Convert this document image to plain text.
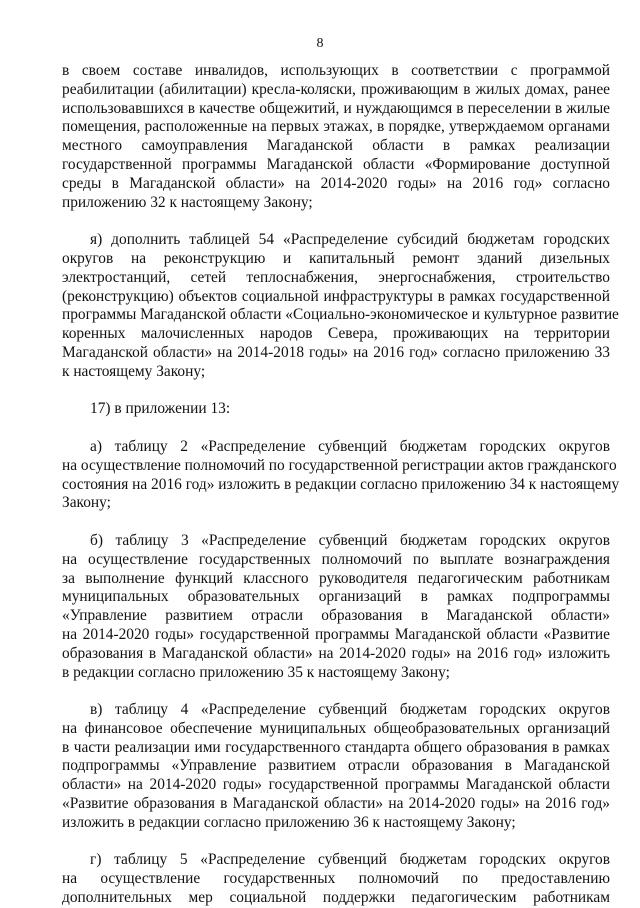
8
в своем составе инвалидов, использующих в соответствии с программой
реабилитации (абилитации) кресла-коляски, проживающим в жилых домах, ранее
использовавшихся в качестве общежитий, и нуждающимся в переселении в жилые
помещения, расположенные на первых этажах, в порядке, утверждаемом органами
местного самоуправления Магаданской области в рамках реализации
государственной программы Магаданской области «Формирование доступной
среды в Магаданской области» на 2014-2020 годы» на 2016 год» согласно
приложению 32 к настоящему Закону;
я) дополнить таблицей 54 «Распределение субсидий бюджетам городских
округов на реконструкцию и капитальный ремонт зданий дизельных
электростанций, сетей теплоснабжения, энергоснабжения, строительство
(реконструкцию) объектов социальной инфраструктуры в рамках государственной
программы Магаданской области «Социально-экономическое и культурное развитие
коренных малочисленных народов Севера, проживающих на территории
Магаданской области» на 2014-2018 годы» на 2016 год» согласно приложению 33
к настоящему Закону;
17) в приложении 13:
а) таблицу 2 «Распределение субвенций бюджетам городских округов
на осуществление полномочий по государственной регистрации актов гражданского
состояния на 2016 год» изложить в редакции согласно приложению 34 к настоящему
Закону;
б) таблицу 3 «Распределение субвенций бюджетам городских округов
на осуществление государственных полномочий по выплате вознаграждения
за выполнение функций классного руководителя педагогическим работникам
муниципальных образовательных организаций в рамках подпрограммы
«Управление развитием отрасли образования в Магаданской области»
на 2014-2020 годы» государственной программы Магаданской области «Развитие
образования в Магаданской области» на 2014-2020 годы» на 2016 год» изложить
в редакции согласно приложению 35 к настоящему Закону;
в) таблицу 4 «Распределение субвенций бюджетам городских округов
на финансовое обеспечение муниципальных общеобразовательных организаций
в части реализации ими государственного стандарта общего образования в рамках
подпрограммы «Управление развитием отрасли образования в Магаданской
области» на 2014-2020 годы» государственной программы Магаданской области
«Развитие образования в Магаданской области» на 2014-2020 годы» на 2016 год»
изложить в редакции согласно приложению 36 к настоящему Закону;
г) таблицу 5 «Распределение субвенций бюджетам городских округов
на осуществление государственных полномочий по предоставлению
дополнительных мер социальной поддержки педагогическим работникам
